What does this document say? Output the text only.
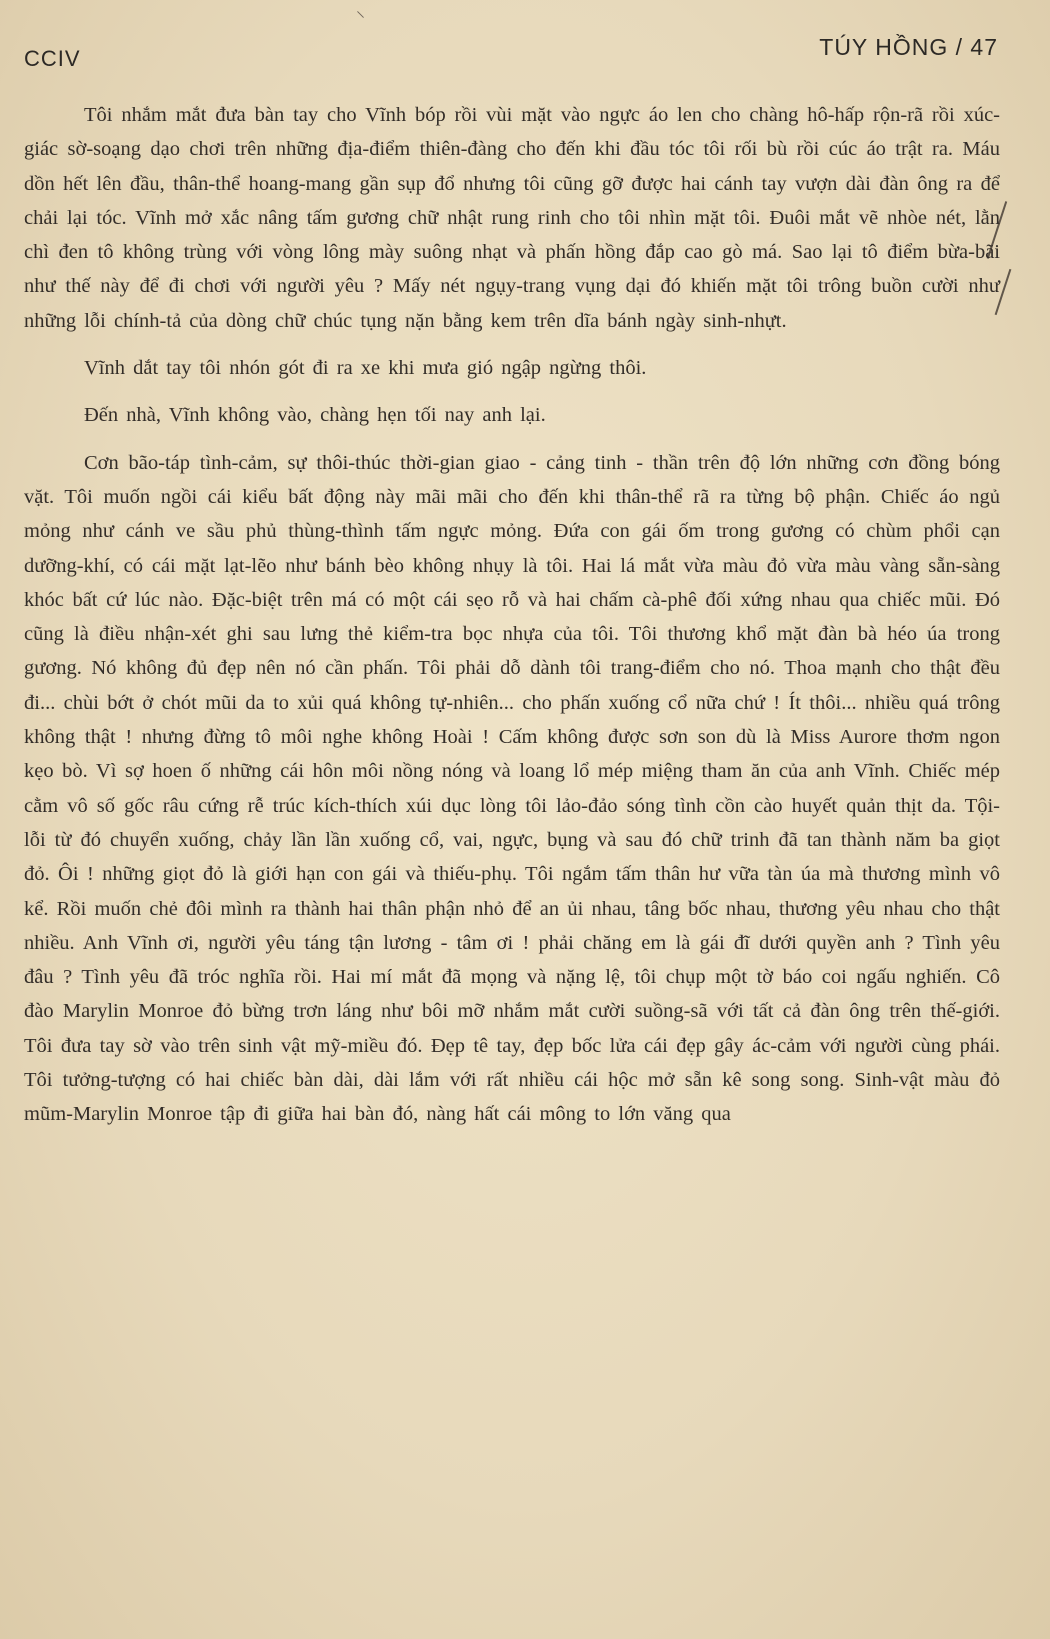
⸌
CCIV	TÚY HỒNG / 47

Tôi nhắm mắt đưa bàn tay cho Vĩnh bóp rồi vùi mặt vào ngực áo len cho chàng hô-hấp rộn-rã rồi xúc-giác sờ-soạng dạo chơi trên những địa-điểm thiên-đàng cho đến khi đầu tóc tôi rối bù rồi cúc áo trật ra. Máu dồn hết lên đầu, thân-thể hoang-mang gần sụp đổ nhưng tôi cũng gỡ được hai cánh tay vượn dài đàn ông ra để chải lại tóc. Vĩnh mở xắc nâng tấm gương chữ nhật rung rinh cho tôi nhìn mặt tôi. Đuôi mắt vẽ nhòe nét, lằn chì đen tô không trùng với vòng lông mày suông nhạt và phấn hồng đắp cao gò má. Sao lại tô điểm bừa-bãi như thế này để đi chơi với người yêu ? Mấy nét ngụy-trang vụng dại đó khiến mặt tôi trông buồn cười như những lỗi chính-tả của dòng chữ chúc tụng nặn bằng kem trên dĩa bánh ngày sinh-nhựt.

Vĩnh dắt tay tôi nhón gót đi ra xe khi mưa gió ngập ngừng thôi.

Đến nhà, Vĩnh không vào, chàng hẹn tối nay anh lại.

Cơn bão-táp tình-cảm, sự thôi-thúc thời-gian giao - cảng tinh - thần trên độ lớn những cơn đồng bóng vặt. Tôi muốn ngồi cái kiểu bất động này mãi mãi cho đến khi thân-thể rã ra từng bộ phận. Chiếc áo ngủ mỏng như cánh ve sầu phủ thùng-thình tấm ngực mỏng. Đứa con gái ốm trong gương có chùm phổi cạn dưỡng-khí, có cái mặt lạt-lẽo như bánh bèo không nhụy là tôi. Hai lá mắt vừa màu đỏ vừa màu vàng sẵn-sàng khóc bất cứ lúc nào. Đặc-biệt trên má có một cái sẹo rỗ và hai chấm cà-phê đối xứng nhau qua chiếc mũi. Đó cũng là điều nhận-xét ghi sau lưng thẻ kiểm-tra bọc nhựa của tôi. Tôi thương khổ mặt đàn bà héo úa trong gương. Nó không đủ đẹp nên nó cần phấn. Tôi phải dỗ dành tôi trang-điểm cho nó. Thoa mạnh cho thật đều đi... chùi bớt ở chót mũi da to xủi quá không tự-nhiên... cho phấn xuống cổ nữa chứ ! Ít thôi... nhiều quá trông không thật ! nhưng đừng tô môi nghe không Hoài ! Cấm không được sơn son dù là Miss Aurore thơm ngon kẹo bò. Vì sợ hoen ố những cái hôn môi nồng nóng và loang lổ mép miệng tham ăn của anh Vĩnh. Chiếc mép cằm vô số gốc râu cứng rễ trúc kích-thích xúi dục lòng tôi lảo-đảo sóng tình cồn cào huyết quản thịt da. Tội-lỗi từ đó chuyển xuống, chảy lần lần xuống cổ, vai, ngực, bụng và sau đó chữ trinh đã tan thành năm ba giọt đỏ. Ôi ! những giọt đỏ là giới hạn con gái và thiếu-phụ. Tôi ngắm tấm thân hư vữa tàn úa mà thương mình vô kể. Rồi muốn chẻ đôi mình ra thành hai thân phận nhỏ để an ủi nhau, tâng bốc nhau, thương yêu nhau cho thật nhiều. Anh Vĩnh ơi, người yêu táng tận lương - tâm ơi ! phải chăng em là gái đĩ dưới quyền anh ? Tình yêu đâu ? Tình yêu đã tróc nghĩa rồi. Hai mí mắt đã mọng và nặng lệ, tôi chụp một tờ báo coi ngấu nghiến. Cô đào Marylin Monroe đỏ bừng trơn láng như bôi mỡ nhắm mắt cười suồng-sã với tất cả đàn ông trên thế-giới. Tôi đưa tay sờ vào trên sinh vật mỹ-miều đó. Đẹp tê tay, đẹp bốc lửa cái đẹp gây ác-cảm với người cùng phái. Tôi tưởng-tượng có hai chiếc bàn dài, dài lắm với rất nhiều cái hộc mở sẵn kê song song. Sinh-vật màu đỏ mũm-Marylin Monroe tập đi giữa hai bàn đó, nàng hất cái mông to lớn văng qua
